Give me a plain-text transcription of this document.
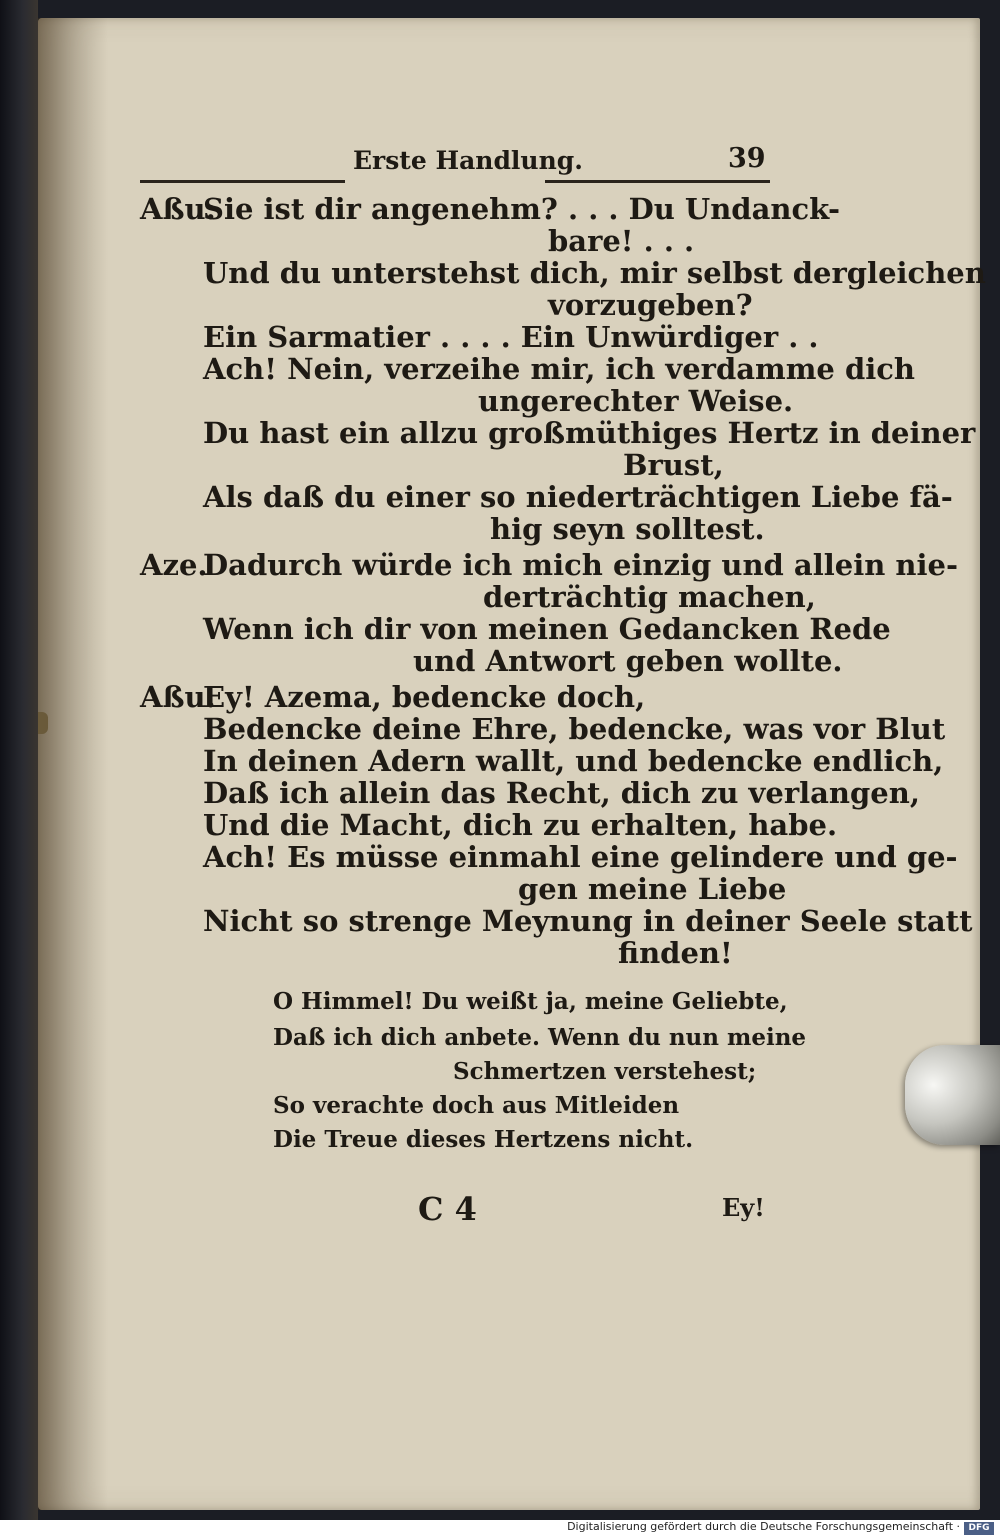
Erste Handlung.	39
Aßu.
Sie ist dir angenehm? . . . Du Undanck-
bare! . . .
Und du unterstehst dich, mir selbst dergleichen
vorzugeben?
Ein Sarmatier . . . . Ein Unwürdiger . .
Ach! Nein, verzeihe mir, ich verdamme dich
ungerechter Weise.
Du hast ein allzu großmüthiges Hertz in deiner
Brust,
Als daß du einer so niederträchtigen Liebe fä-
hig seyn solltest.
Aze.
Dadurch würde ich mich einzig und allein nie-
derträchtig machen,
Wenn ich dir von meinen Gedancken Rede
und Antwort geben wollte.
Aßu.
Ey! Azema, bedencke doch,
Bedencke deine Ehre, bedencke, was vor Blut
In deinen Adern wallt, und bedencke endlich,
Daß ich allein das Recht, dich zu verlangen,
Und die Macht, dich zu erhalten, habe.
Ach! Es müsse einmahl eine gelindere und ge-
gen meine Liebe
Nicht so strenge Meynung in deiner Seele statt
finden!
O Himmel! Du weißt ja, meine Geliebte,
Daß ich dich anbete. Wenn du nun meine
Schmertzen verstehest;
So verachte doch aus Mitleiden
Die Treue dieses Hertzens nicht.
C 4	Ey!
Digitalisierung gefördert durch die Deutsche Forschungsgemeinschaft · DFG
